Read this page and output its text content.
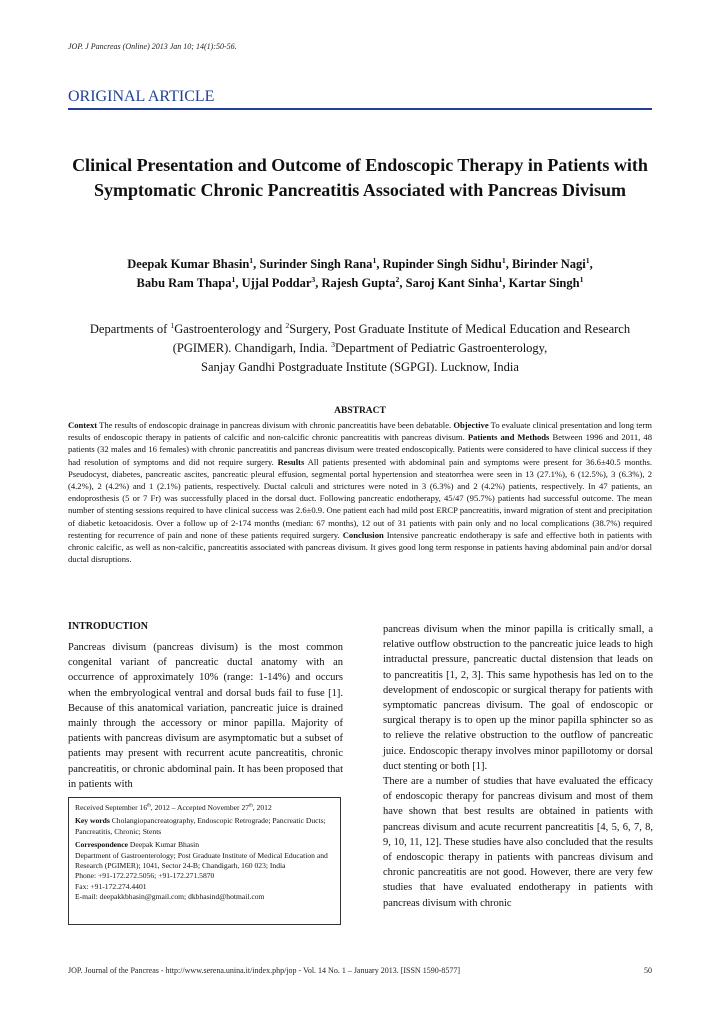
JOP. J Pancreas (Online) 2013 Jan 10; 14(1):50-56.
ORIGINAL ARTICLE
Clinical Presentation and Outcome of Endoscopic Therapy in Patients with Symptomatic Chronic Pancreatitis Associated with Pancreas Divisum
Deepak Kumar Bhasin$^1$, Surinder Singh Rana$^1$, Rupinder Singh Sidhu$^1$, Birinder Nagi$^1$,
Babu Ram Thapa$^1$, Ujjal Poddar$^3$, Rajesh Gupta$^2$, Saroj Kant Sinha$^1$, Kartar Singh$^1$
Departments of $^1$Gastroenterology and $^2$Surgery, Post Graduate Institute of Medical Education and Research (PGIMER). Chandigarh, India. $^3$Department of Pediatric Gastroenterology,
Sanjay Gandhi Postgraduate Institute (SGPGI). Lucknow, India
ABSTRACT
Context The results of endoscopic drainage in pancreas divisum with chronic pancreatitis have been debatable. Objective To evaluate clinical presentation and long term results of endoscopic therapy in patients of calcific and non-calcific chronic pancreatitis with pancreas divisum. Patients and Methods Between 1996 and 2011, 48 patients (32 males and 16 females) with chronic pancreatitis and pancreas divisum were treated endoscopically. Patients were considered to have clinical success if they had resolution of symptoms and did not require surgery. Results All patients presented with abdominal pain and symptoms were present for 36.6±40.5 months. Pseudocyst, diabetes, pancreatic ascites, pancreatic pleural effusion, segmental portal hypertension and steatorrhea were seen in 13 (27.1%), 6 (12.5%), 3 (6.3%), 2 (4.2%), 2 (4.2%) and 1 (2.1%) patients, respectively. Ductal calculi and strictures were noted in 3 (6.3%) and 2 (4.2%) patients, respectively. In 47 patients, an endoprosthesis (5 or 7 Fr) was successfully placed in the dorsal duct. Following pancreatic endotherapy, 45/47 (95.7%) patients had successful outcome. The mean number of stenting sessions required to have clinical success was 2.6±0.9. One patient each had mild post ERCP pancreatitis, inward migration of stent and precipitation of diabetic ketoacidosis. Over a follow up of 2-174 months (median: 67 months), 12 out of 31 patients with pain only and no local complications (38.7%) required restenting for recurrence of pain and none of these patients required surgery. Conclusion Intensive pancreatic endotherapy is safe and effective both in patients with chronic calcific, as well as non-calcific, pancreatitis associated with pancreas divisum. It gives good long term response in patients having abdominal pain and/or dorsal ductal disruptions.
INTRODUCTION

Pancreas divisum (pancreas divisum) is the most common congenital variant of pancreatic ductal anatomy with an occurrence of approximately 10% (range: 1-14%) and occurs when the embryological ventral and dorsal buds fail to fuse [1]. Because of this anatomical variation, pancreatic juice is drained mainly through the accessory or minor papilla. Majority of patients with pancreas divisum are asymptomatic but a subset of patients may present with recurrent acute pancreatitis, chronic pancreatitis, or chronic abdominal pain. It has been proposed that in patients with

Received September 16th, 2012 – Accepted November 27th, 2012
Key words Cholangiopancreatography, Endoscopic Retrograde; Pancreatic Ducts; Pancreatitis, Chronic; Stents
Correspondence Deepak Kumar Bhasin
Department of Gastroenterology; Post Graduate Institute of Medical Education and Research (PGIMER); 1041, Sector 24-B; Chandigarh, 160 023; India
Phone: +91-172.272.5056; +91-172.271.5870
Fax: +91-172.274.4401
E-mail: deepakkbhasin@gmail.com; dkbhasind@hotmail.com

pancreas divisum when the minor papilla is critically small, a relative outflow obstruction to the pancreatic juice leads to high intraductal pressure, pancreatic ductal distension that leads on to pancreatitis [1, 2, 3]. This same hypothesis has led on to the development of endoscopic or surgical therapy for patients with symptomatic pancreas divisum. The goal of endoscopic or surgical therapy is to open up the minor papilla sphincter so as to relieve the relative obstruction to the outflow of pancreatic juice. Endoscopic therapy involves minor papillotomy or dorsal duct stenting or both [1].

There are a number of studies that have evaluated the efficacy of endoscopic therapy for pancreas divisum and most of them have shown that best results are obtained in patients with pancreas divisum and acute recurrent pancreatitis [4, 5, 6, 7, 8, 9, 10, 11, 12]. These studies have also concluded that the results of endoscopic therapy in patients with pancreas divisum and chronic pancreatitis are not good. However, there are very few studies that have evaluated endotherapy in patients with pancreas divisum with chronic

JOP. Journal of the Pancreas - http://www.serena.unina.it/index.php/jop - Vol. 14 No. 1 – January 2013. [ISSN 1590-8577]	50
